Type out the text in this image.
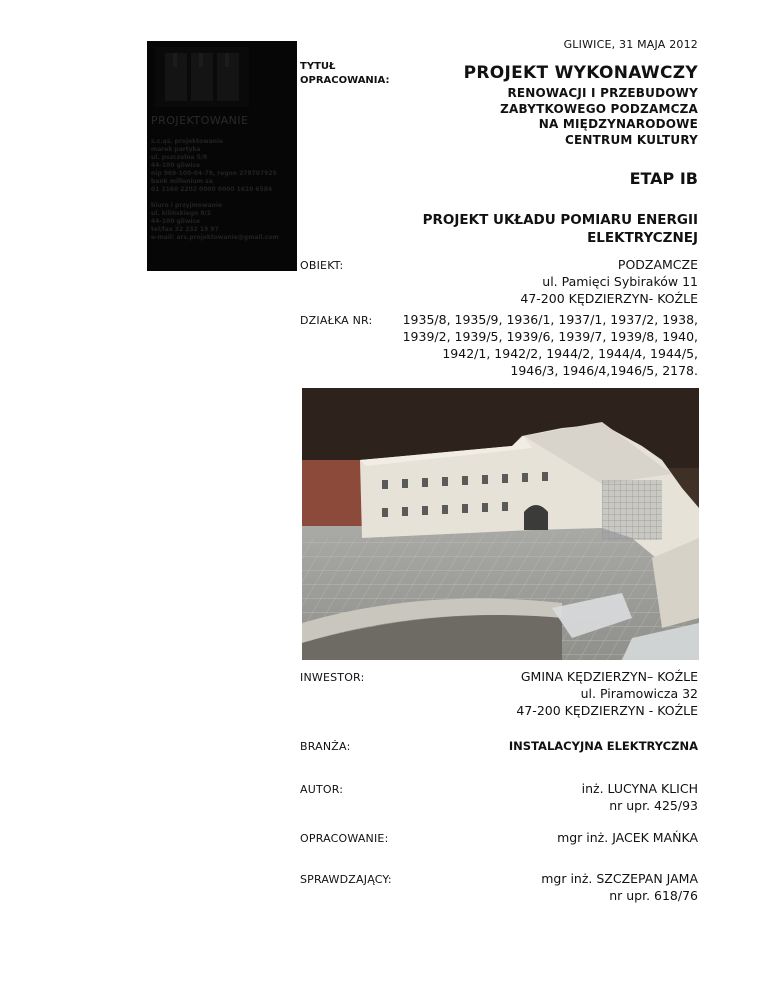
PROJEKTOWANIE
s.c.ąś. projektowanie
marek partyka
ul. pszczelna 5/8
44-100 gliwice
nip 969-100-04-79, regon 278707925
bank millenium sa
01 1160 2202 0000 0000 1610 6584
biuro i przyjmowanie
ul. kilińskiego 8/2
44-100 gliwice
tel/fax 32 232 19 97
e-mail: ars.projektowanie@gmail.com
GLIWICE, 31 MAJA 2012
TYTUŁ
OPRACOWANIA:	PROJEKT WYKONAWCZY
RENOWACJI I PRZEBUDOWY
ZABYTKOWEGO PODZAMCZA
NA MIĘDZYNARODOWE
CENTRUM KULTURY
ETAP IB
PROJEKT UKŁADU POMIARU ENERGII
ELEKTRYCZNEJ
OBIEKT:	PODZAMCZE
ul. Pamięci Sybiraków 11
47-200 KĘDZIERZYN- KOŹLE
DZIAŁKA NR: 1935/8, 1935/9, 1936/1, 1937/1, 1937/2, 1938,
1939/2, 1939/5, 1939/6, 1939/7, 1939/8, 1940,
1942/1, 1942/2, 1944/2, 1944/4, 1944/5,
1946/3, 1946/4,1946/5, 2178.
INWESTOR:	GMINA KĘDZIERZYN– KOŹLE
ul. Piramowicza 32
47-200 KĘDZIERZYN - KOŹLE
BRANŻA:	INSTALACYJNA ELEKTRYCZNA
AUTOR:	inż. LUCYNA KLICH
nr upr. 425/93
OPRACOWANIE:	mgr inż. JACEK MAŃKA
SPRAWDZAJĄCY:	mgr inż. SZCZEPAN JAMA
nr upr. 618/76
